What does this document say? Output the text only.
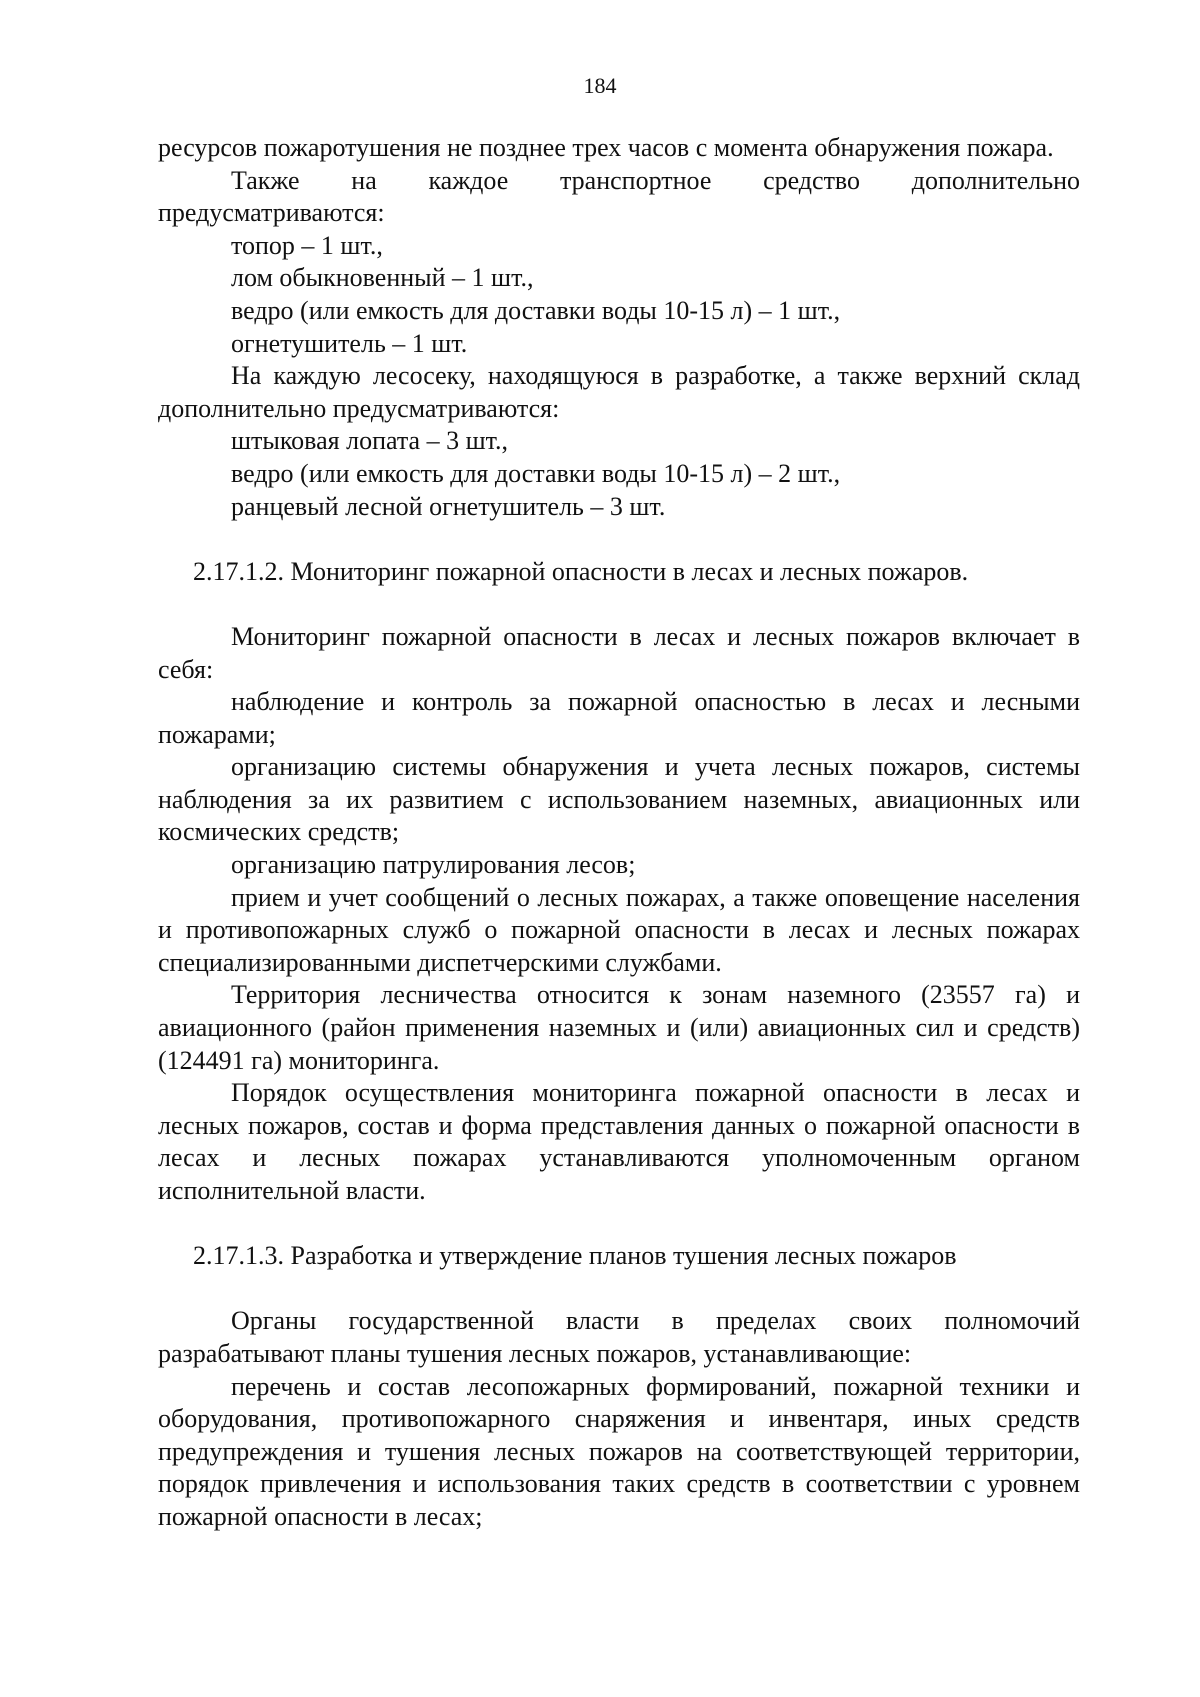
184

ресурсов пожаротушения не позднее трех часов с момента обнаружения пожара.

Также на каждое транспортное средство дополнительно предусматриваются:

топор – 1 шт.,

лом обыкновенный – 1 шт.,

ведро (или емкость для доставки воды 10-15 л) – 1 шт.,

огнетушитель – 1 шт.

На каждую лесосеку, находящуюся в разработке, а также верхний склад дополнительно предусматриваются:

штыковая лопата – 3 шт.,

ведро (или емкость для доставки воды 10-15 л) – 2 шт.,

ранцевый лесной огнетушитель – 3 шт.

2.17.1.2. Мониторинг пожарной опасности в лесах и лесных пожаров.

Мониторинг пожарной опасности в лесах и лесных пожаров включает в себя:

наблюдение и контроль за пожарной опасностью в лесах и лесными пожарами;

организацию системы обнаружения и учета лесных пожаров, системы наблюдения за их развитием с использованием наземных, авиационных или космических средств;

организацию патрулирования лесов;

прием и учет сообщений о лесных пожарах, а также оповещение населения и противопожарных служб о пожарной опасности в лесах и лесных пожарах специализированными диспетчерскими службами.

Территория лесничества относится к зонам наземного (23557 га) и авиационного (район применения наземных и (или) авиационных сил и средств) (124491 га) мониторинга.

Порядок осуществления мониторинга пожарной опасности в лесах и лесных пожаров, состав и форма представления данных о пожарной опасности в лесах и лесных пожарах устанавливаются уполномоченным органом исполнительной власти.

2.17.1.3. Разработка и утверждение планов тушения лесных пожаров

Органы государственной власти в пределах своих полномочий разрабатывают планы тушения лесных пожаров, устанавливающие:

перечень и состав лесопожарных формирований, пожарной техники и оборудования, противопожарного снаряжения и инвентаря, иных средств предупреждения и тушения лесных пожаров на соответствующей территории, порядок привлечения и использования таких средств в соответствии с уровнем пожарной опасности в лесах;
